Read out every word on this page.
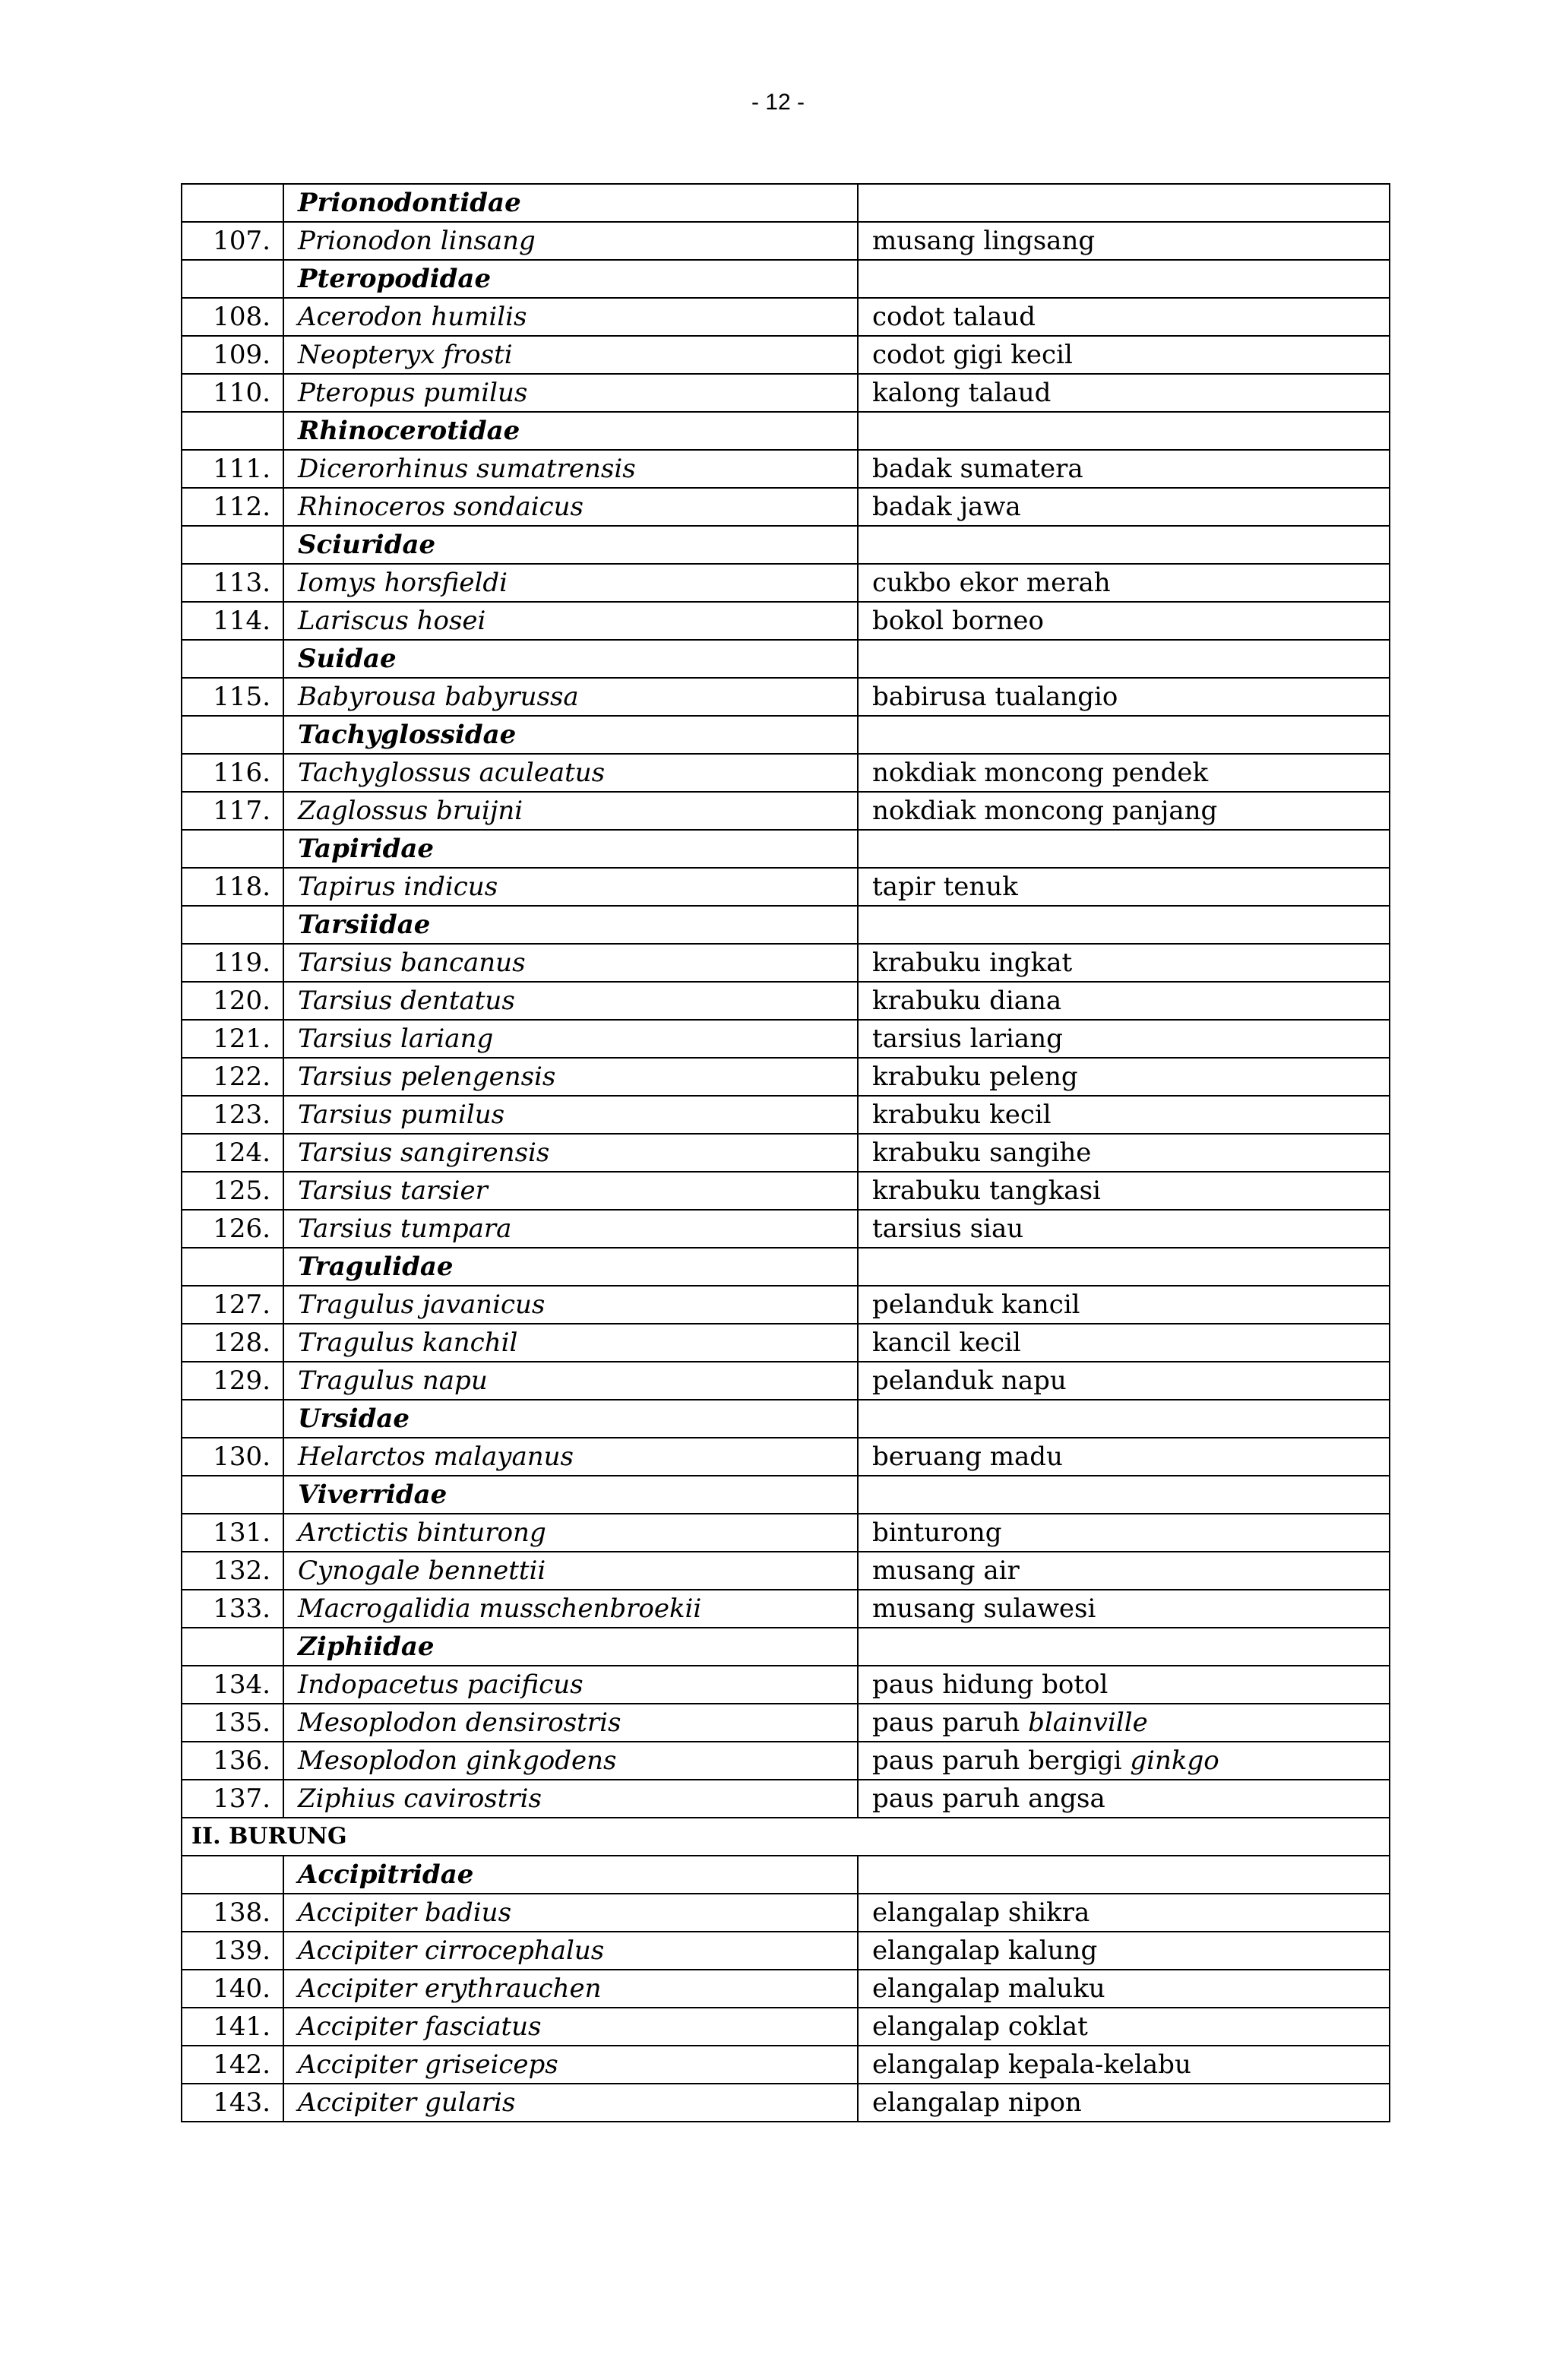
- 12 -
	Prionodontidae	
107.	Prionodon linsang	musang lingsang
	Pteropodidae	
108.	Acerodon humilis	codot talaud
109.	Neopteryx frosti	codot gigi kecil
110.	Pteropus pumilus	kalong talaud
	Rhinocerotidae	
111.	Dicerorhinus sumatrensis	badak sumatera
112.	Rhinoceros sondaicus	badak jawa
	Sciuridae	
113.	Iomys horsfieldi	cukbo ekor merah
114.	Lariscus hosei	bokol borneo
	Suidae	
115.	Babyrousa babyrussa	babirusa tualangio
	Tachyglossidae	
116.	Tachyglossus aculeatus	nokdiak moncong pendek
117.	Zaglossus bruijni	nokdiak moncong panjang
	Tapiridae	
118.	Tapirus indicus	tapir tenuk
	Tarsiidae	
119.	Tarsius bancanus	krabuku ingkat
120.	Tarsius dentatus	krabuku diana
121.	Tarsius lariang	tarsius lariang
122.	Tarsius pelengensis	krabuku peleng
123.	Tarsius pumilus	krabuku kecil
124.	Tarsius sangirensis	krabuku sangihe
125.	Tarsius tarsier	krabuku tangkasi
126.	Tarsius tumpara	tarsius siau
	Tragulidae	
127.	Tragulus javanicus	pelanduk kancil
128.	Tragulus kanchil	kancil kecil
129.	Tragulus napu	pelanduk napu
	Ursidae	
130.	Helarctos malayanus	beruang madu
	Viverridae	
131.	Arctictis binturong	binturong
132.	Cynogale bennettii	musang air
133.	Macrogalidia musschenbroekii	musang sulawesi
	Ziphiidae	
134.	Indopacetus pacificus	paus hidung botol
135.	Mesoplodon densirostris	paus paruh blainville
136.	Mesoplodon ginkgodens	paus paruh bergigi ginkgo
137.	Ziphius cavirostris	paus paruh angsa
II. BURUNG		
	Accipitridae	
138.	Accipiter badius	elangalap shikra
139.	Accipiter cirrocephalus	elangalap kalung
140.	Accipiter erythrauchen	elangalap maluku
141.	Accipiter fasciatus	elangalap coklat
142.	Accipiter griseiceps	elangalap kepala-kelabu
143.	Accipiter gularis	elangalap nipon
